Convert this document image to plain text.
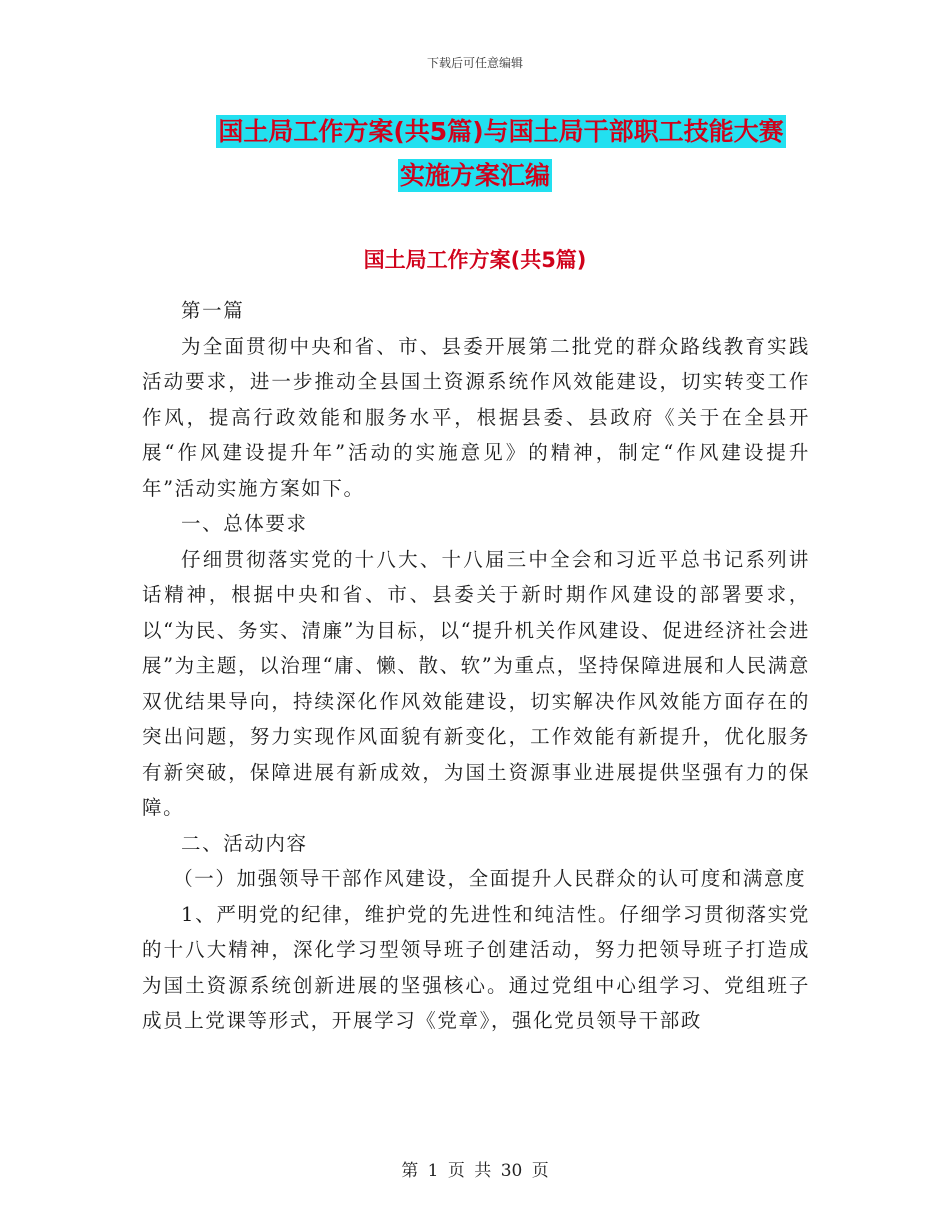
下载后可任意编辑
国土局工作方案(共5篇)与国土局干部职工技能大赛
实施方案汇编
国土局工作方案(共5篇)

第一篇

为全面贯彻中央和省、市、县委开展第二批党的群众路线教育实践活动要求，进一步推动全县国土资源系统作风效能建设，切实转变工作作风，提高行政效能和服务水平，根据县委、县政府《关于在全县开展“作风建设提升年”活动的实施意见》的精神，制定“作风建设提升年”活动实施方案如下。

一、总体要求

仔细贯彻落实党的十八大、十八届三中全会和习近平总书记系列讲话精神，根据中央和省、市、县委关于新时期作风建设的部署要求，以“为民、务实、清廉”为目标，以“提升机关作风建设、促进经济社会进展”为主题，以治理“庸、懒、散、软”为重点，坚持保障进展和人民满意双优结果导向，持续深化作风效能建设，切实解决作风效能方面存在的突出问题，努力实现作风面貌有新变化，工作效能有新提升，优化服务有新突破，保障进展有新成效，为国土资源事业进展提供坚强有力的保障。

二、活动内容

（一）加强领导干部作风建设，全面提升人民群众的认可度和满意度

1、严明党的纪律，维护党的先进性和纯洁性。仔细学习贯彻落实党的十八大精神，深化学习型领导班子创建活动，努力把领导班子打造成为国土资源系统创新进展的坚强核心。通过党组中心组学习、党组班子成员上党课等形式，开展学习《党章》，强化党员领导干部政

第 1 页 共 30 页
